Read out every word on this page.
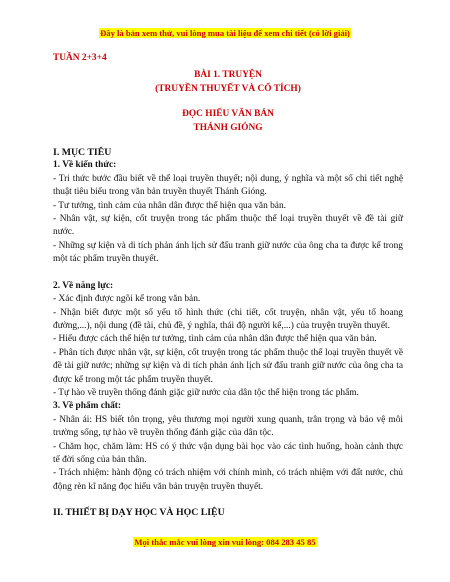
Đây là bản xem thử, vui lòng mua tài liệu để xem chi tiết (có lời giải)

TUẦN 2+3+4

BÀI 1. TRUYỆN

(TRUYỀN THUYẾT VÀ CỔ TÍCH)

ĐỌC HIỂU VĂN BẢN

THÁNH GIÓNG

I. MỤC TIÊU
1. Về kiến thức:

- Tri thức bước đầu biết về thể loại truyền thuyết; nội dung, ý nghĩa và một số chi tiết nghệ thuật tiêu biểu trong văn bản truyền thuyết Thánh Gióng.

- Tư tưởng, tình cảm của nhân dân được thể hiện qua văn bản.

- Nhân vật, sự kiện, cốt truyện trong tác phẩm thuộc thể loại truyền thuyết về đề tài giữ nước.

- Những sự kiện và di tích phản ánh lịch sử đấu tranh giữ nước của ông cha ta được kể trong một tác phẩm truyền thuyết.

2. Về năng lực:

- Xác định được ngôi kể trong văn bản.

- Nhận biết được một số yếu tố hình thức (chi tiết, cốt truyện, nhân vật, yếu tố hoang đường,...), nội dung (đề tài, chủ đề, ý nghĩa, thái độ người kể,...) của truyện truyền thuyết.

- Hiểu được cách thể hiện tư tưởng, tình cảm của nhân dân được thể hiện qua văn bản.

- Phân tích được nhân vật, sự kiện, cốt truyện trong tác phẩm thuộc thể loại truyền thuyết về đề tài giữ nước; những sự kiện và di tích phản ánh lịch sử đấu tranh giữ nước của ông cha ta được kể trong một tác phẩm truyền thuyết.

- Tự hào về truyền thống đánh giặc giữ nước của dân tộc thể hiện trong tác phẩm.

3. Về phẩm chất:

- Nhân ái: HS biết tôn trọng, yêu thương mọi người xung quanh, trân trọng và bảo vệ môi trường sống, tự hào về truyền thống đánh giặc của dân tộc.

- Chăm học, chăm làm: HS có ý thức vận dụng bài học vào các tình huống, hoàn cảnh thực tế đời sống của bản thân.

- Trách nhiệm: hành động có trách nhiệm với chính mình, có trách nhiệm với đất nước, chủ động rèn kĩ năng đọc hiểu văn bản truyện truyền thuyết.

II. THIẾT BỊ DẠY HỌC VÀ HỌC LIỆU
Mọi thắc mắc vui lòng xin vui lòng: 084 283 45 85
